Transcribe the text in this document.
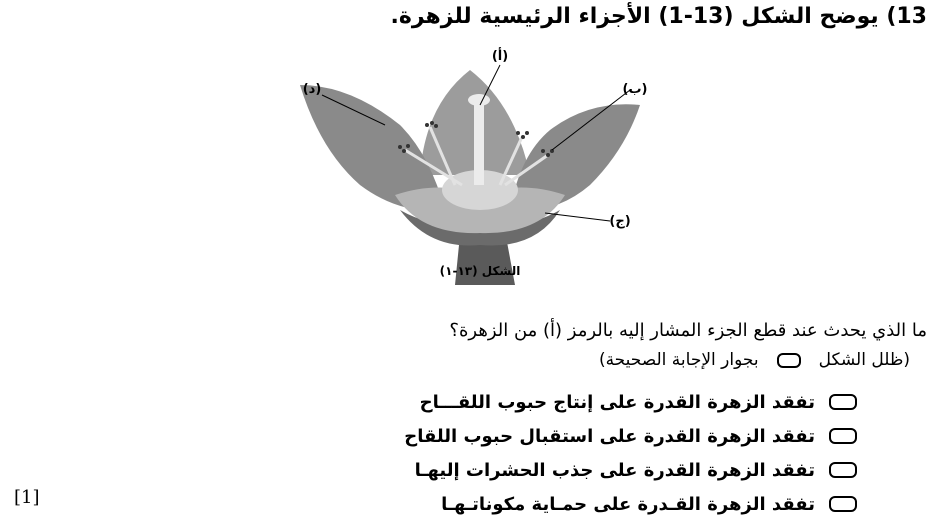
13) يوضح الشكل (13-1) الأجزاء الرئيسية للزهرة.
(أ)
(ب)
(ج)
(د)
الشكل (١٣-١)
ما الذي يحدث عند قطع الجزء المشار إليه بالرمز (أ) من الزهرة؟
(ظلل الشكل
بجوار الإجابة الصحيحة)
تفقد الزهرة القدرة على إنتاج حبوب اللقـــاح
تفقد الزهرة القدرة على استقبال حبوب اللقاح
تفقد الزهرة القدرة على جذب الحشرات إليهـا
تفقد الزهرة القـدرة على حمـاية مكوناتـهـا
[1]
